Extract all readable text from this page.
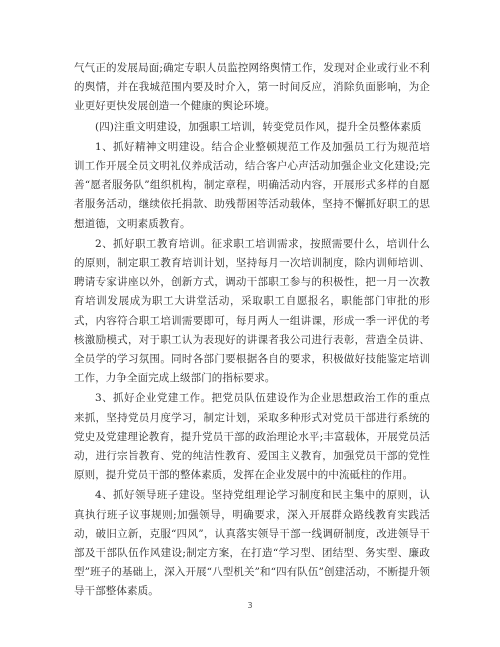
气气正的发展局面;确定专职人员监控网络舆情工作，发现对企业或行业不利的舆情，并在我城范围内要及时介入，第一时间反应，消除负面影响，为企业更好更快发展创造一个健康的舆论环境。

(四)注重文明建设，加强职工培训，转变党员作风，提升全员整体素质

1、抓好精神文明建设。结合企业整顿规范工作及加强员工行为规范培训工作开展全员文明礼仪养成活动，结合客户心声活动加强企业文化建设;完善“愿者服务队”组织机构，制定章程，明确活动内容，开展形式多样的自愿者服务活动，继续依托捐款、助残帮困等活动载体，坚持不懈抓好职工的思想道德，文明素质教育。

2、抓好职工教育培训。征求职工培训需求，按照需要什么，培训什么的原则，制定职工教育培训计划，坚持每月一次培训制度，除内训师培训、聘请专家讲座以外，创新方式，调动干部职工参与的积极性，把一月一次教育培训发展成为职工大讲堂活动，采取职工自愿报名，职能部门审批的形式，内容符合职工培训需要即可，每月两人一组讲课，形成一季一评优的考核激励模式，对于职工认为表现好的讲课者我公司进行表彰，营造全员讲、全员学的学习氛围。同时各部门要根据各自的要求，积极做好技能鉴定培训工作，力争全面完成上级部门的指标要求。

3、抓好企业党建工作。把党员队伍建设作为企业思想政治工作的重点来抓，坚持党员月度学习，制定计划，采取多种形式对党员干部进行系统的党史及党建理论教育，提升党员干部的政治理论水平;丰富载体，开展党员活动，进行宗旨教育、党的纯洁性教育、爱国主义教育，加强党员干部的党性原则，提升党员干部的整体素质，发挥在企业发展中的中流砥柱的作用。

4、抓好领导班子建设。坚持党组理论学习制度和民主集中的原则，认真执行班子议事规则;加强领导，明确要求，深入开展群众路线教育实践活动，破旧立新，克服“四风”，认真落实领导干部一线调研制度，改进领导干部及干部队伍作风建设;制定方案，在打造“学习型、团结型、务实型、廉政型”班子的基础上，深入开展“八型机关”和“四有队伍”创建活动，不断提升领导干部整体素质。

3
